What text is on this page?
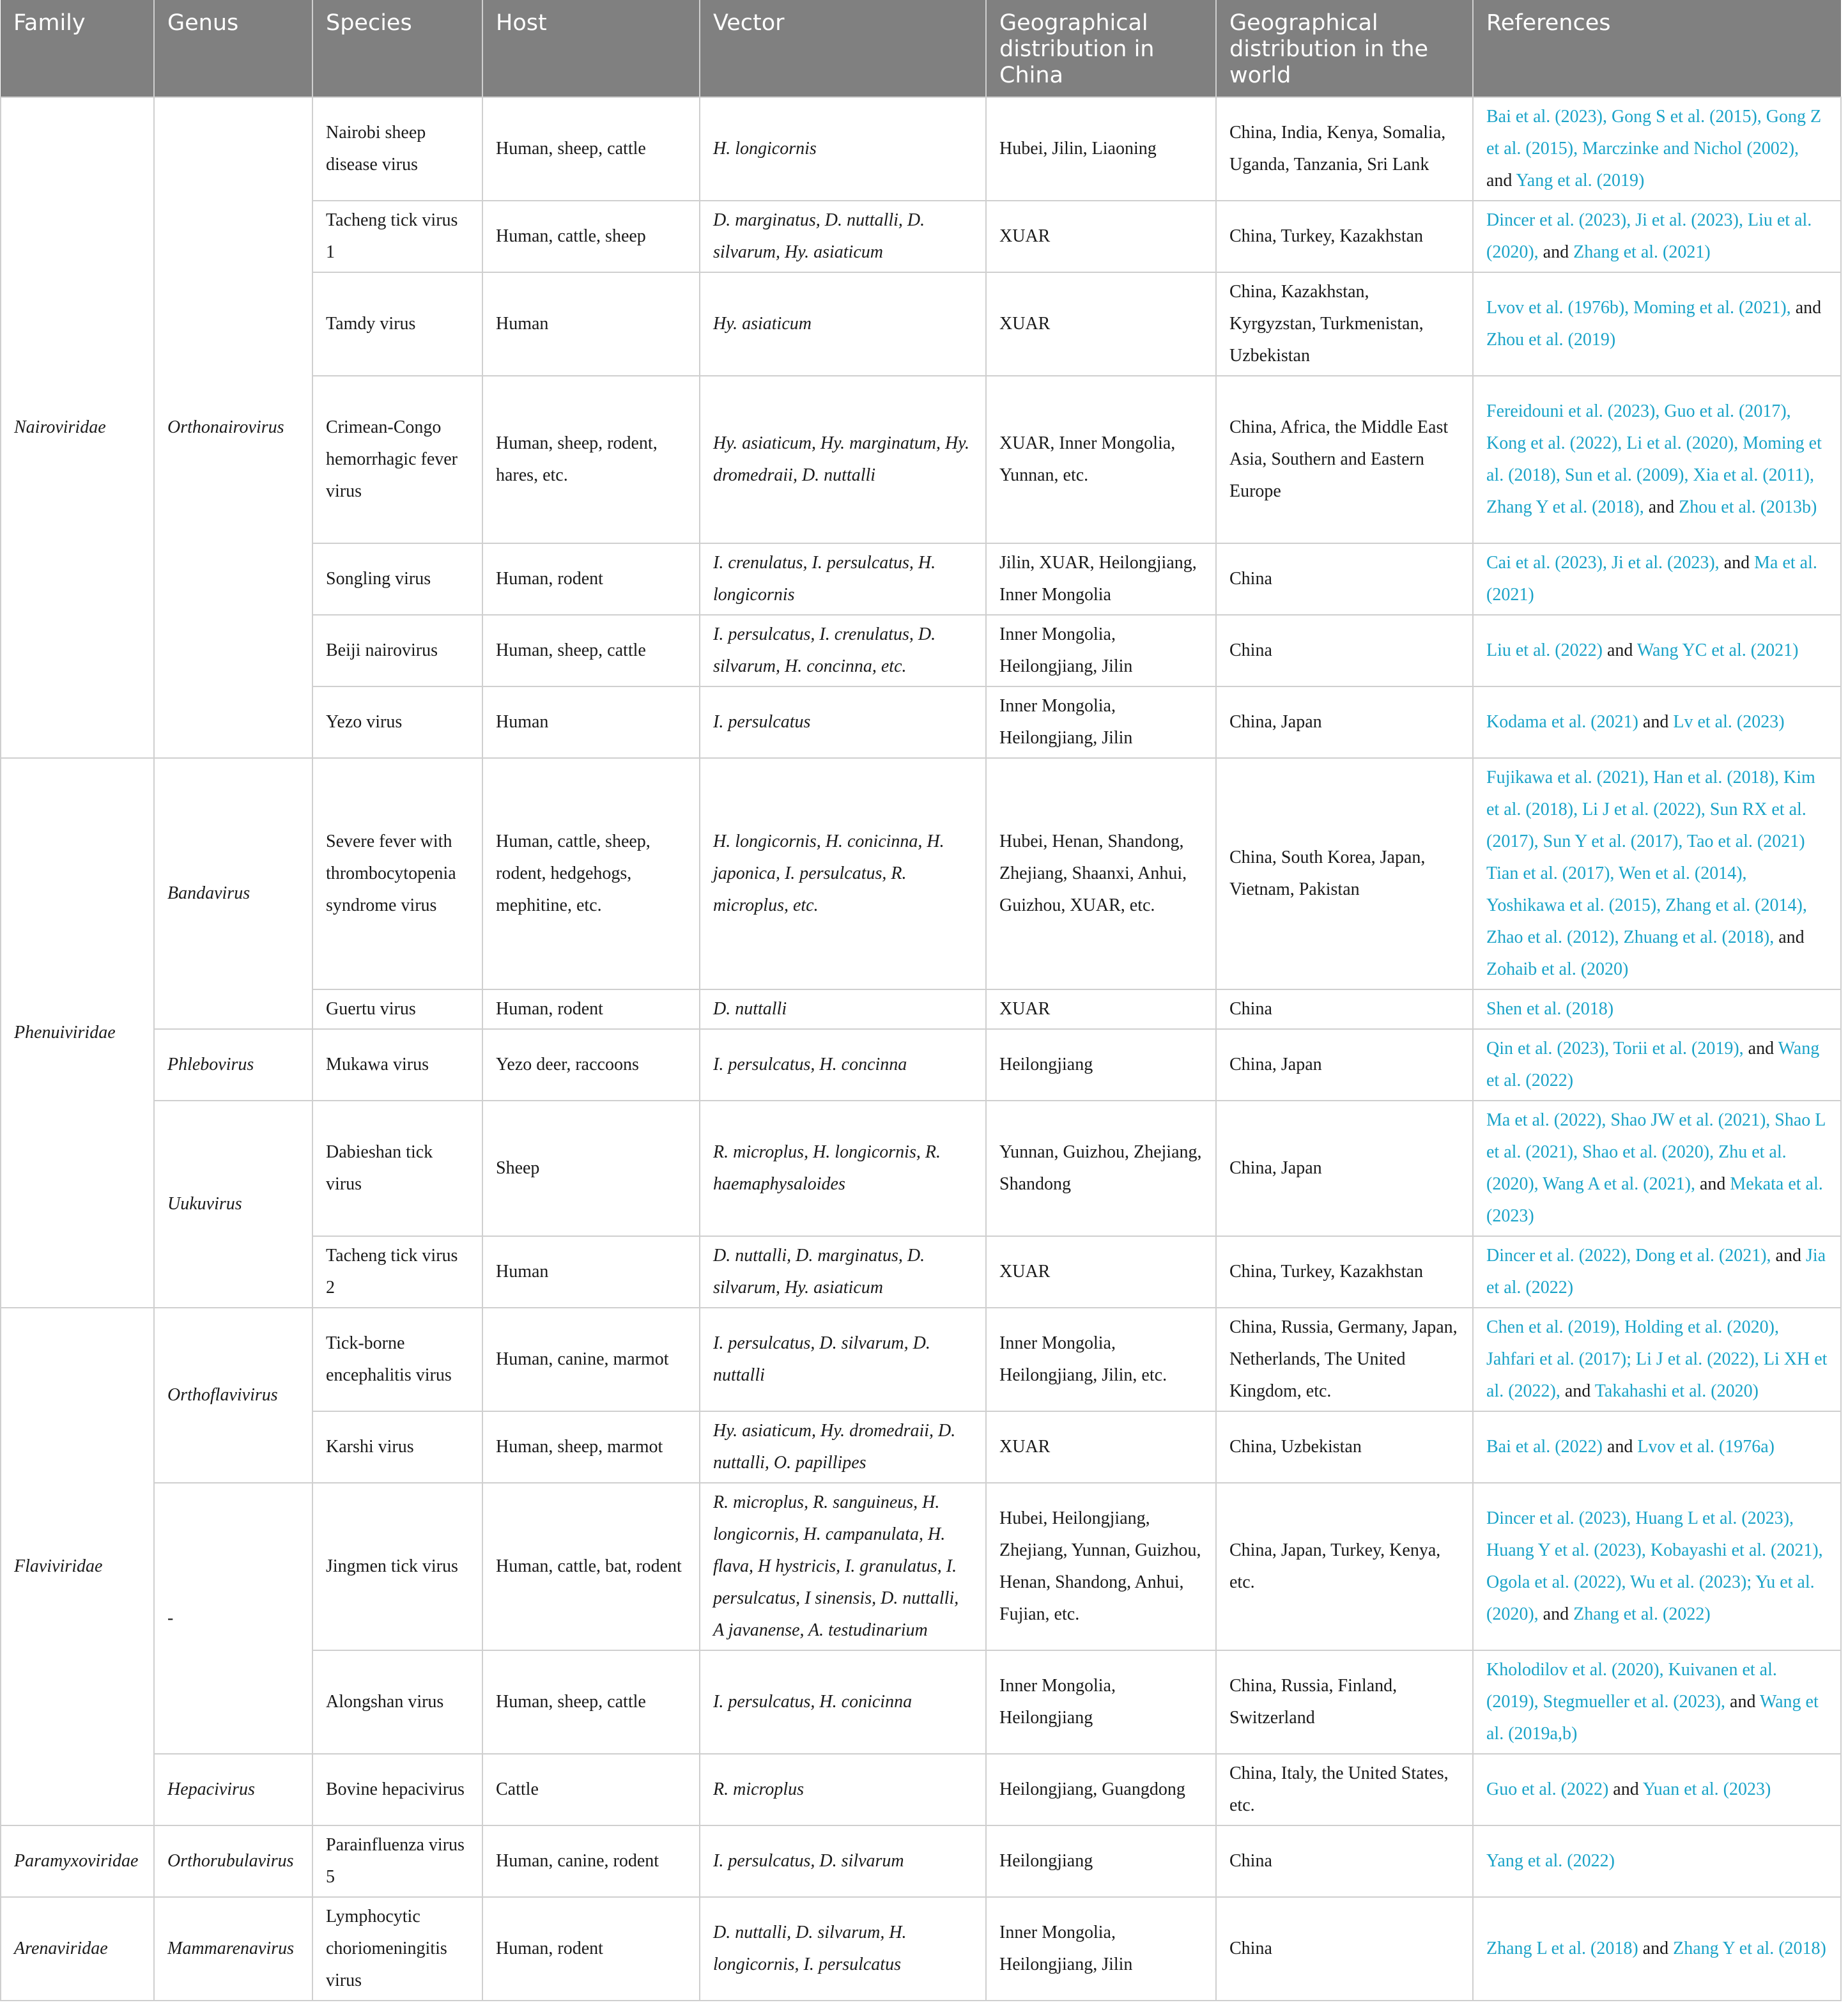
Family	Genus	Species	Host	Vector	Geographical distribution in China	Geographical distribution in the world	References
Nairoviridae	Orthonairovirus	Nairobi sheep disease virus	Human, sheep, cattle	H. longicornis	Hubei, Jilin, Liaoning	China, India, Kenya, Somalia, Uganda, Tanzania, Sri Lank	Bai et al. (2023), Gong S et al. (2015), Gong Z et al. (2015), Marczinke and Nichol (2002), and Yang et al. (2019)
		Tacheng tick virus 1	Human, cattle, sheep	D. marginatus, D. nuttalli, D. silvarum, Hy. asiaticum	XUAR	China, Turkey, Kazakhstan	Dincer et al. (2023), Ji et al. (2023), Liu et al. (2020), and Zhang et al. (2021)
		Tamdy virus	Human	Hy. asiaticum	XUAR	China, Kazakhstan, Kyrgyzstan, Turkmenistan, Uzbekistan	Lvov et al. (1976b), Moming et al. (2021), and Zhou et al. (2019)
		Crimean-Congo hemorrhagic fever virus	Human, sheep, rodent, hares, etc.	Hy. asiaticum, Hy. marginatum, Hy. dromedraii, D. nuttalli	XUAR, Inner Mongolia, Yunnan, etc.	China, Africa, the Middle East Asia, Southern and Eastern Europe	Fereidouni et al. (2023), Guo et al. (2017), Kong et al. (2022), Li et al. (2020), Moming et al. (2018), Sun et al. (2009), Xia et al. (2011), Zhang Y et al. (2018), and Zhou et al. (2013b)
		Songling virus	Human, rodent	I. crenulatus, I. persulcatus, H. longicornis	Jilin, XUAR, Heilongjiang, Inner Mongolia	China	Cai et al. (2023), Ji et al. (2023), and Ma et al. (2021)
		Beiji nairovirus	Human, sheep, cattle	I. persulcatus, I. crenulatus, D. silvarum, H. concinna, etc.	Inner Mongolia, Heilongjiang, Jilin	China	Liu et al. (2022) and Wang YC et al. (2021)
		Yezo virus	Human	I. persulcatus	Inner Mongolia, Heilongjiang, Jilin	China, Japan	Kodama et al. (2021) and Lv et al. (2023)
Phenuiviridae	Bandavirus	Severe fever with thrombocytopenia syndrome virus	Human, cattle, sheep, rodent, hedgehogs, mephitine, etc.	H. longicornis, H. conicinna, H. japonica, I. persulcatus, R. microplus, etc.	Hubei, Henan, Shandong, Zhejiang, Shaanxi, Anhui, Guizhou, XUAR, etc.	China, South Korea, Japan, Vietnam, Pakistan	Fujikawa et al. (2021), Han et al. (2018), Kim et al. (2018), Li J et al. (2022), Sun RX et al. (2017), Sun Y et al. (2017), Tao et al. (2021) Tian et al. (2017), Wen et al. (2014), Yoshikawa et al. (2015), Zhang et al. (2014), Zhao et al. (2012), Zhuang et al. (2018), and Zohaib et al. (2020)
		Guertu virus	Human, rodent	D. nuttalli	XUAR	China	Shen et al. (2018)
	Phlebovirus	Mukawa virus	Yezo deer, raccoons	I. persulcatus, H. concinna	Heilongjiang	China, Japan	Qin et al. (2023), Torii et al. (2019), and Wang et al. (2022)
	Uukuvirus	Dabieshan tick virus	Sheep	R. microplus, H. longicornis, R. haemaphysaloides	Yunnan, Guizhou, Zhejiang, Shandong	China, Japan	Ma et al. (2022), Shao JW et al. (2021), Shao L et al. (2021), Shao et al. (2020), Zhu et al. (2020), Wang A et al. (2021), and Mekata et al. (2023)
		Tacheng tick virus 2	Human	D. nuttalli, D. marginatus, D. silvarum, Hy. asiaticum	XUAR	China, Turkey, Kazakhstan	Dincer et al. (2022), Dong et al. (2021), and Jia et al. (2022)
Flaviviridae	Orthoflavivirus	Tick-borne encephalitis virus	Human, canine, marmot	I. persulcatus, D. silvarum, D. nuttalli	Inner Mongolia, Heilongjiang, Jilin, etc.	China, Russia, Germany, Japan, Netherlands, The United Kingdom, etc.	Chen et al. (2019), Holding et al. (2020), Jahfari et al. (2017); Li J et al. (2022), Li XH et al. (2022), and Takahashi et al. (2020)
		Karshi virus	Human, sheep, marmot	Hy. asiaticum, Hy. dromedraii, D. nuttalli, O. papillipes	XUAR	China, Uzbekistan	Bai et al. (2022) and Lvov et al. (1976a)
	-	Jingmen tick virus	Human, cattle, bat, rodent	R. microplus, R. sanguineus, H. longicornis, H. campanulata, H. flava, H hystricis, I. granulatus, I. persulcatus, I sinensis, D. nuttalli, A javanense, A. testudinarium	Hubei, Heilongjiang, Zhejiang, Yunnan, Guizhou, Henan, Shandong, Anhui, Fujian, etc.	China, Japan, Turkey, Kenya, etc.	Dincer et al. (2023), Huang L et al. (2023), Huang Y et al. (2023), Kobayashi et al. (2021), Ogola et al. (2022), Wu et al. (2023); Yu et al. (2020), and Zhang et al. (2022)
		Alongshan virus	Human, sheep, cattle	I. persulcatus, H. conicinna	Inner Mongolia, Heilongjiang	China, Russia, Finland, Switzerland	Kholodilov et al. (2020), Kuivanen et al. (2019), Stegmueller et al. (2023), and Wang et al. (2019a,b)
	Hepacivirus	Bovine hepacivirus	Cattle	R. microplus	Heilongjiang, Guangdong	China, Italy, the United States, etc.	Guo et al. (2022) and Yuan et al. (2023)
Paramyxoviridae	Orthorubulavirus	Parainfluenza virus 5	Human, canine, rodent	I. persulcatus, D. silvarum	Heilongjiang	China	Yang et al. (2022)
Arenaviridae	Mammarenavirus	Lymphocytic choriomeningitis virus	Human, rodent	D. nuttalli, D. silvarum, H. longicornis, I. persulcatus	Inner Mongolia, Heilongjiang, Jilin	China	Zhang L et al. (2018) and Zhang Y et al. (2018)
